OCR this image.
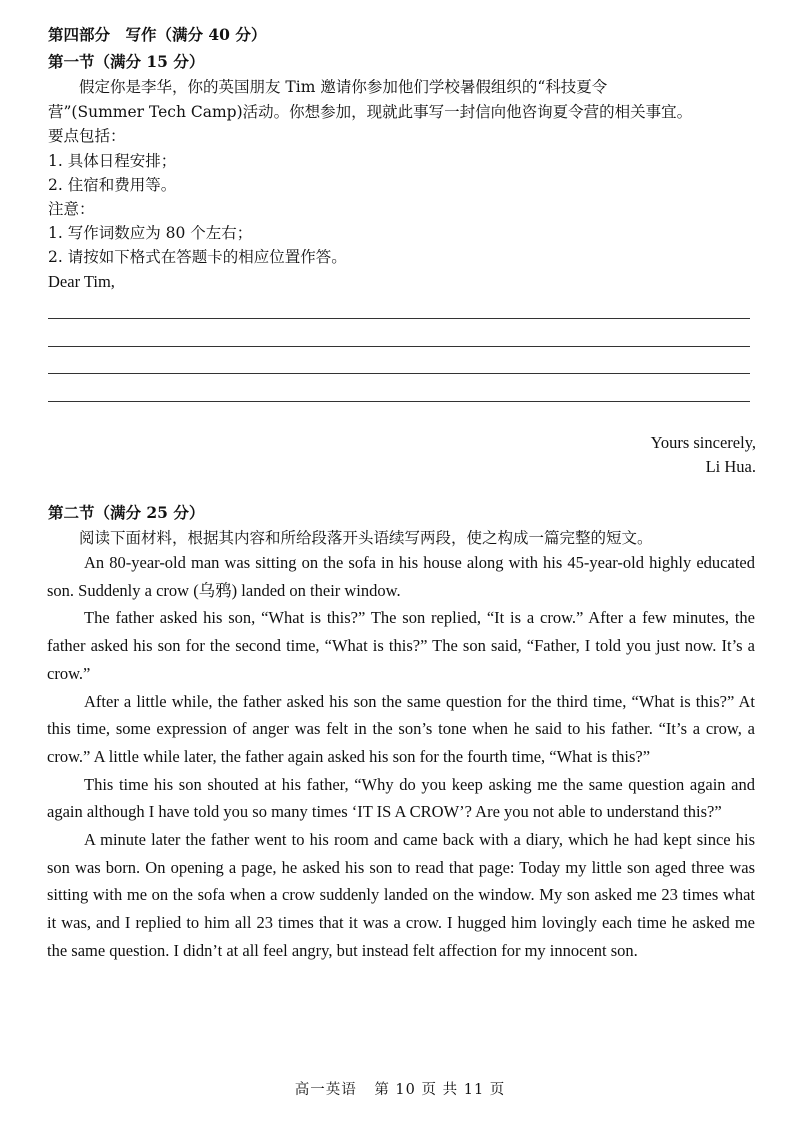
第四部分　写作（满分 40 分）
第一节（满分 15 分）
　　假定你是李华，你的英国朋友 Tim 邀请你参加他们学校暑假组织的“科技夏令
营”(Summer Tech Camp)活动。你想参加，现就此事写一封信向他咨询夏令营的相关事宜。
要点包括：
1. 具体日程安排；
2. 住宿和费用等。
注意：
1. 写作词数应为 80 个左右；
2. 请按如下格式在答题卡的相应位置作答。
Dear Tim,
Yours sincerely,
Li Hua.
第二节（满分 25 分）
　　阅读下面材料，根据其内容和所给段落开头语续写两段，使之构成一篇完整的短文。

An 80-year-old man was sitting on the sofa in his house along with his 45-year-old highly educated son. Suddenly a crow (乌鸦) landed on their window.

The father asked his son, “What is this?” The son replied, “It is a crow.” After a few minutes, the father asked his son for the second time, “What is this?” The son said, “Father, I told you just now. It’s a crow.”

After a little while, the father asked his son the same question for the third time, “What is this?” At this time, some expression of anger was felt in the son’s tone when he said to his father. “It’s a crow, a crow.” A little while later, the father again asked his son for the fourth time, “What is this?”

This time his son shouted at his father, “Why do you keep asking me the same question again and again although I have told you so many times ‘IT IS A CROW’? Are you not able to understand this?”

A minute later the father went to his room and came back with a diary, which he had kept since his son was born. On opening a page, he asked his son to read that page: Today my little son aged three was sitting with me on the sofa when a crow suddenly landed on the window. My son asked me 23 times what it was, and I replied to him all 23 times that it was a crow. I hugged him lovingly each time he asked me the same question. I didn’t at all feel angry, but instead felt affection for my innocent son.

高一英语 第 10 页 共 11 页
